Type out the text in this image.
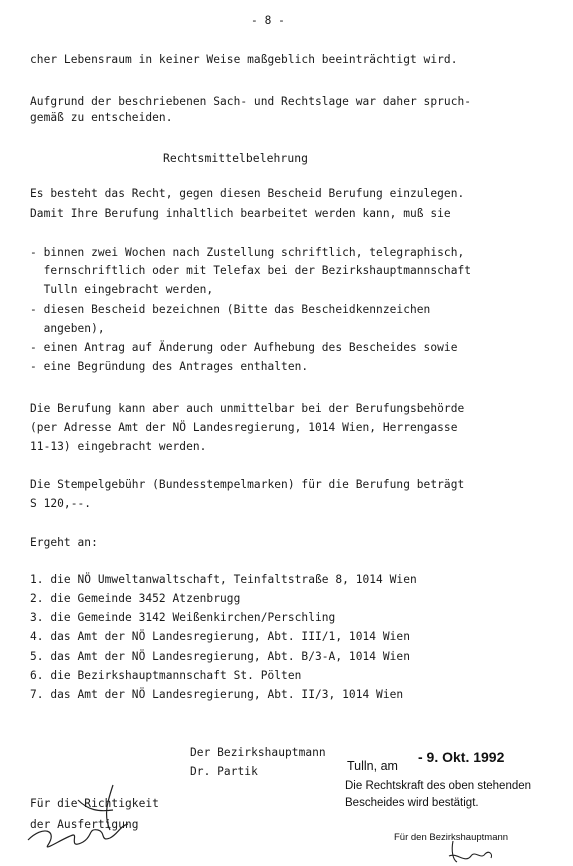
- 8 -
cher Lebensraum in keiner Weise maßgeblich beeinträchtigt wird.
Aufgrund der beschriebenen Sach- und Rechtslage war daher spruch-
gemäß zu entscheiden.
Rechtsmittelbelehrung
Es besteht das Recht, gegen diesen Bescheid Berufung einzulegen.
Damit Ihre Berufung inhaltlich bearbeitet werden kann, muß sie
- binnen zwei Wochen nach Zustellung schriftlich, telegraphisch,
fernschriftlich oder mit Telefax bei der Bezirkshauptmannschaft
Tulln eingebracht werden,
- diesen Bescheid bezeichnen (Bitte das Bescheidkennzeichen
angeben),
- einen Antrag auf Änderung oder Aufhebung des Bescheides sowie
- eine Begründung des Antrages enthalten.
Die Berufung kann aber auch unmittelbar bei der Berufungsbehörde
(per Adresse Amt der NÖ Landesregierung, 1014 Wien, Herrengasse
11-13) eingebracht werden.
Die Stempelgebühr (Bundesstempelmarken) für die Berufung beträgt
S 120,--.
Ergeht an:
1. die NÖ Umweltanwaltschaft, Teinfaltstraße 8, 1014 Wien
2. die Gemeinde 3452 Atzenbrugg
3. die Gemeinde 3142 Weißenkirchen/Perschling
4. das Amt der NÖ Landesregierung, Abt. III/1, 1014 Wien
5. das Amt der NÖ Landesregierung, Abt. B/3-A, 1014 Wien
6. die Bezirkshauptmannschaft St. Pölten
7. das Amt der NÖ Landesregierung, Abt. II/3, 1014 Wien
Der Bezirkshauptmann
Dr. Partik	Tulln, am
- 9. Okt. 1992
Die Rechtskraft des oben stehenden
Bescheides wird bestätigt.
Für den Bezirkshauptmann
Für die Richtigkeit
der Ausfertigung
